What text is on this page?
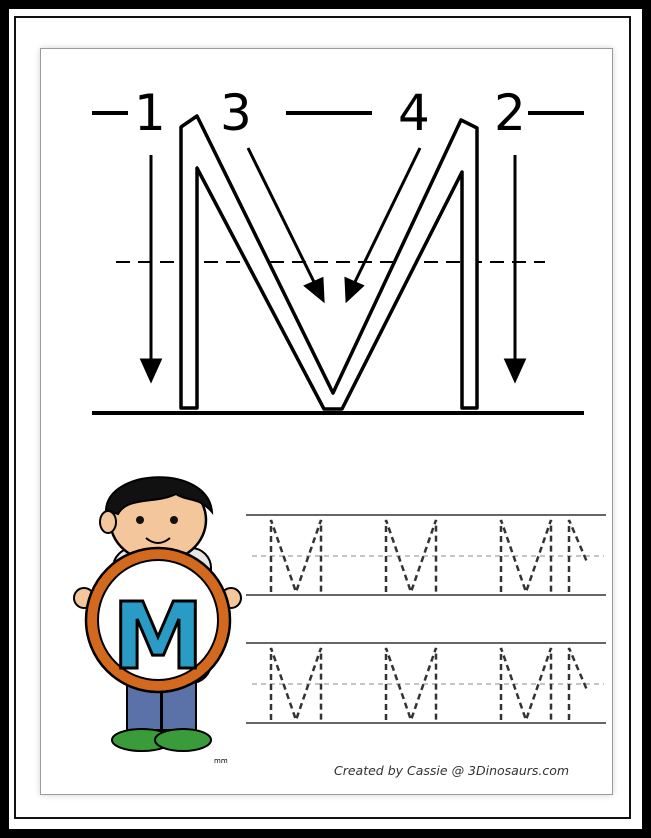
M
mm
1	2
3	4
Created by Cassie @ 3Dinosaurs.com
